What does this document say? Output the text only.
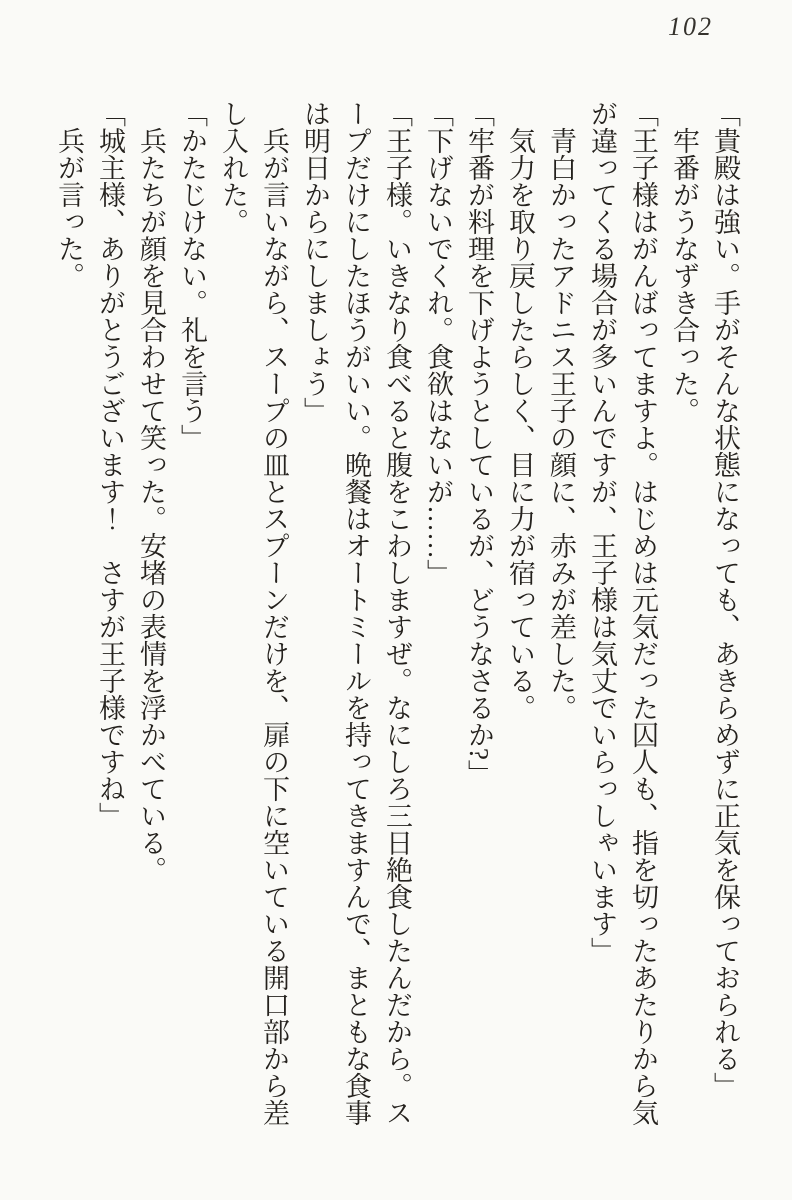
102

「貴殿は強い。手がそんな状態になっても、あきらめずに正気を保っておられる」

牢番がうなずき合った。

「王子様はがんばってますよ。はじめは元気だった囚人も、指を切ったあたりから気が違ってくる場合が多いんですが、王子様は気丈でいらっしゃいます」

青白かったアドニス王子の顔に、赤みが差した。

気力を取り戻したらしく、目に力が宿っている。

「牢番が料理を下げようとしているが、どうなさるか?」

「下げないでくれ。食欲はないが……」

「王子様。いきなり食べると腹をこわしますぜ。なにしろ三日絶食したんだから。スープだけにしたほうがいい。晩餐はオートミールを持ってきますんで、まともな食事は明日からにしましょう」

兵が言いながら、スープの皿とスプーンだけを、扉の下に空いている開口部から差し入れた。

「かたじけない。礼を言う」

兵たちが顔を見合わせて笑った。安堵の表情を浮かべている。

「城主様、ありがとうございます！　さすが王子様ですね」

兵が言った。
